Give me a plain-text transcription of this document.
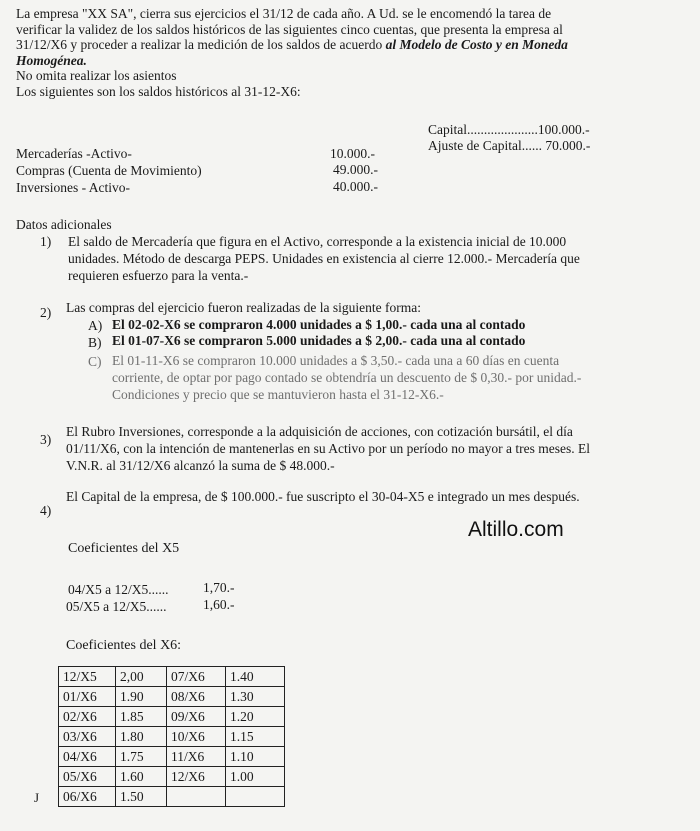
La empresa "XX SA", cierra sus ejercicios el 31/12 de cada año. A Ud. se le encomendó la tarea de
verificar la validez de los saldos históricos de las siguientes cinco cuentas, que presenta la empresa al
31/12/X6 y proceder a realizar la medición de los saldos de acuerdo al Modelo de Costo y en Moneda
Homogénea.
No omita realizar los asientos
Los siguientes son los saldos históricos al 31-12-X6:
Capital.....................100.000.-
Ajuste de Capital...... 70.000.-
Mercaderías -Activo-	10.000.-
Compras (Cuenta de Movimiento)	49.000.-
Inversiones - Activo-	40.000.-
Datos adicionales
1) El saldo de Mercadería que figura en el Activo, corresponde a la existencia inicial de 10.000
unidades. Método de descarga PEPS. Unidades en existencia al cierre 12.000.- Mercadería que
requieren esfuerzo para la venta.-
2) Las compras del ejercicio fueron realizadas de la siguiente forma:
A) El 02-02-X6 se compraron 4.000 unidades a $ 1,00.- cada una al contado
B) El 01-07-X6 se compraron 5.000 unidades a $ 2,00.- cada una al contado
C) El 01-11-X6 se compraron 10.000 unidades a $ 3,50.- cada una a 60 días en cuenta
corriente, de optar por pago contado se obtendría un descuento de $ 0,30.- por unidad.-
Condiciones y precio que se mantuvieron hasta el 31-12-X6.-
3)
El Rubro Inversiones, corresponde a la adquisición de acciones, con cotización bursátil, el día
01/11/X6, con la intención de mantenerlas en su Activo por un período no mayor a tres meses. El
V.N.R. al 31/12/X6 alcanzó la suma de $ 48.000.-
4)
El Capital de la empresa, de $ 100.000.- fue suscripto el 30-04-X5 e integrado un mes después.
Altillo.com
Coeficientes del X5
04/X5 a 12/X5......	1,70.-
05/X5 a 12/X5......	1,60.-
Coeficientes del X6:
12/X5	2,00	07/X6	1.40
01/X6	1.90	08/X6	1.30
02/X6	1.85	09/X6	1.20
03/X6	1.80	10/X6	1.15
04/X6	1.75	11/X6	1.10
05/X6	1.60	12/X6	1.00
06/X6	1.50		
J
